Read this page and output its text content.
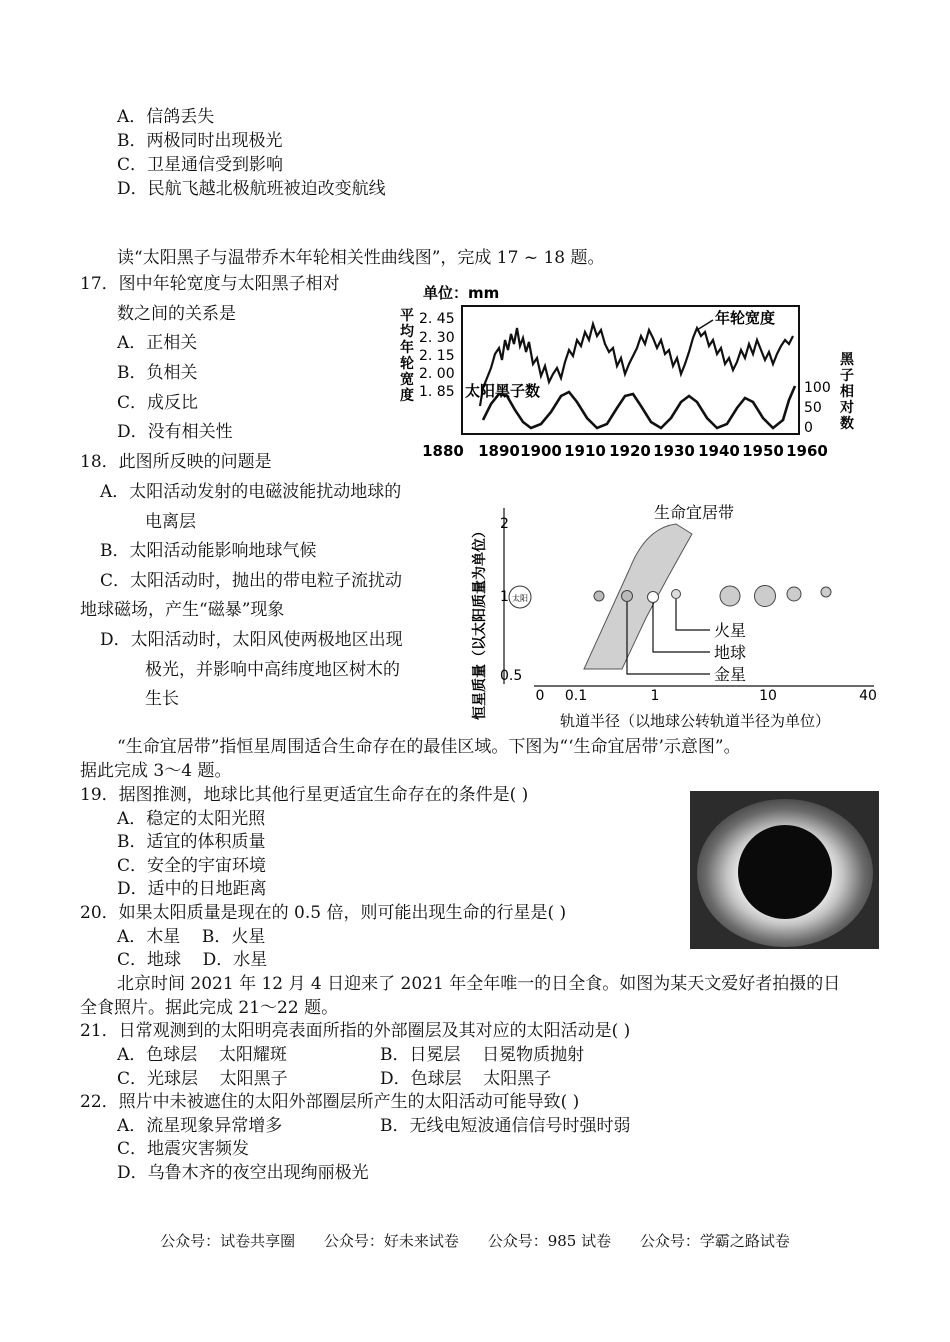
A．信鸽丢失
B．两极同时出现极光
C．卫星通信受到影响
D．民航飞越北极航班被迫改变航线
读“太阳黑子与温带乔木年轮相关性曲线图”，完成 17 ~ 18 题。
17．图中年轮宽度与太阳黑子相对
数之间的关系是
A．正相关
B．负相关
C．成反比
D．没有相关性
18．此图所反映的问题是
A．太阳活动发射的电磁波能扰动地球的
电离层
B．太阳活动能影响地球气候
C．太阳活动时，抛出的带电粒子流扰动
地球磁场，产生“磁暴”现象
D．太阳活动时，太阳风使两极地区出现
极光，并影响中高纬度地区树木的
生长
单位：mm
平
均
年
轮
宽
度
2. 45
2. 30
2. 15
2. 00
1. 85 太阳黑子数
年轮宽度
100
50
0
黑
子
相
对
数
1880 1890 1900 1910 1920 1930 1940 1950 1960
恒星质量（以太阳质量为单位） 2
1
0.5
生命宜居带
太阳
火星
地球
金星
0 0.1	1	10	40
轨道半径（以地球公转轨道半径为单位）
“生命宜居带”指恒星周围适合生命存在的最佳区域。下图为“‘生命宜居带’示意图”。
据此完成 3～4 题。
19．据图推测，地球比其他行星更适宜生命存在的条件是( )
A．稳定的太阳光照
B．适宜的体积质量
C．安全的宇宙环境
D．适中的日地距离
20．如果太阳质量是现在的 0.5 倍，则可能出现生命的行星是( )
A．木星    B．火星
C．地球    D．水星
北京时间 2021 年 12 月 4 日迎来了 2021 年全年唯一的日全食。如图为某天文爱好者拍摄的日
全食照片。据此完成 21～22 题。
21．日常观测到的太阳明亮表面所指的外部圈层及其对应的太阳活动是( )
A．色球层    太阳耀斑	B．日冕层    日冕物质抛射
C．光球层    太阳黑子	D．色球层    太阳黑子
22．照片中未被遮住的太阳外部圈层所产生的太阳活动可能导致( )
A．流星现象异常增多	B．无线电短波通信信号时强时弱
C．地震灾害频发
D．乌鲁木齐的夜空出现绚丽极光
公众号：试卷共享圈 公众号：好未来试卷 公众号：985 试卷 公众号：学霸之路试卷
